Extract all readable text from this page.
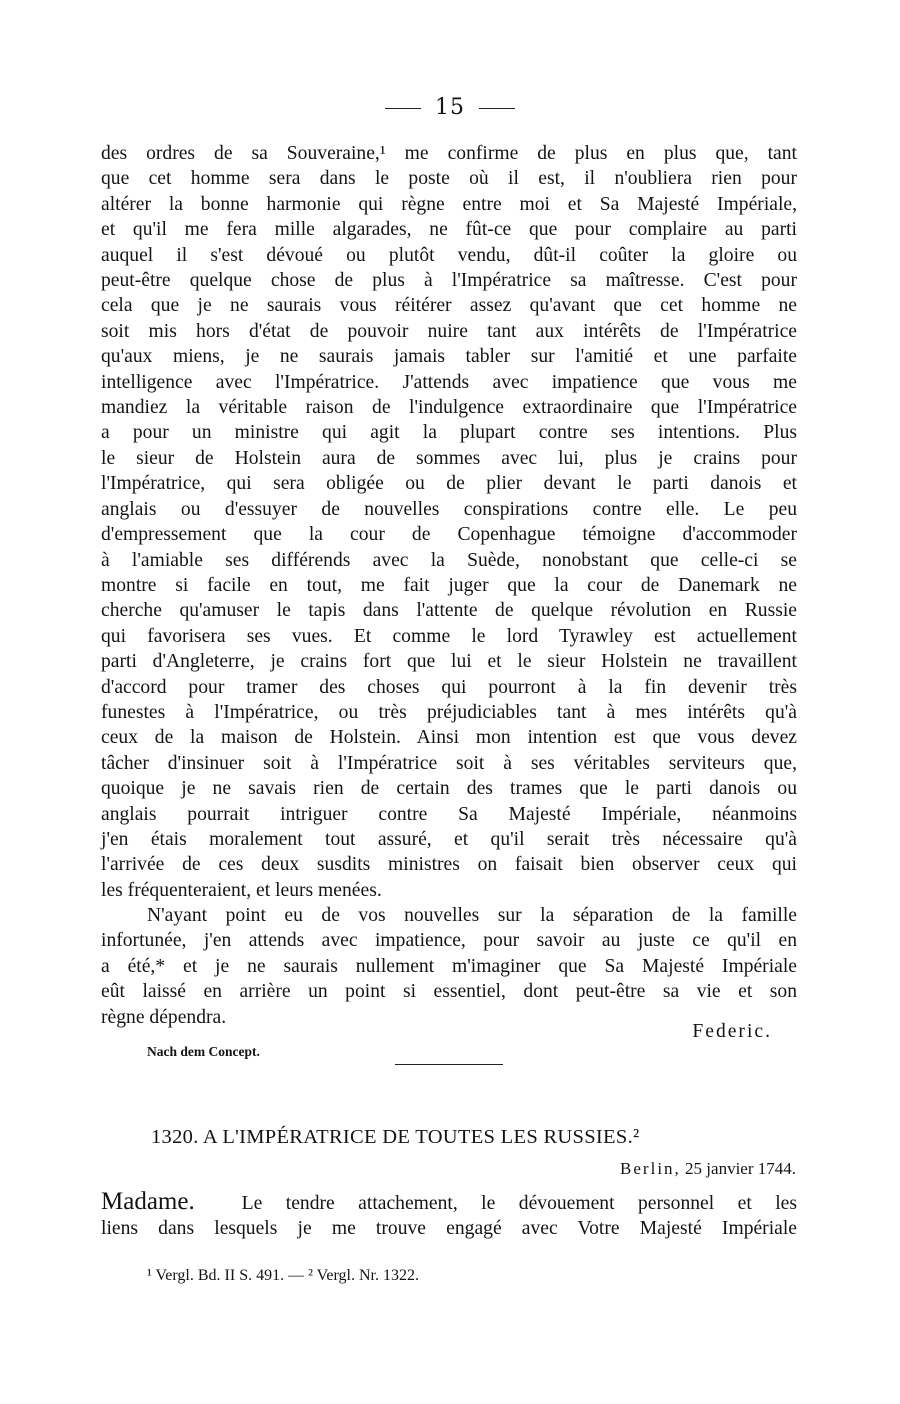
15
des ordres de sa Souveraine,¹ me confirme de plus en plus que, tant
que cet homme sera dans le poste où il est, il n'oubliera rien pour
altérer la bonne harmonie qui règne entre moi et Sa Majesté Impériale,
et qu'il me fera mille algarades, ne fût-ce que pour complaire au parti
auquel il s'est dévoué ou plutôt vendu, dût-il coûter la gloire ou
peut-être quelque chose de plus à l'Impératrice sa maîtresse. C'est pour
cela que je ne saurais vous réitérer assez qu'avant que cet homme ne
soit mis hors d'état de pouvoir nuire tant aux intérêts de l'Impératrice
qu'aux miens, je ne saurais jamais tabler sur l'amitié et une parfaite
intelligence avec l'Impératrice. J'attends avec impatience que vous me
mandiez la véritable raison de l'indulgence extraordinaire que l'Impératrice
a pour un ministre qui agit la plupart contre ses intentions. Plus
le sieur de Holstein aura de sommes avec lui, plus je crains pour
l'Impératrice, qui sera obligée ou de plier devant le parti danois et
anglais ou d'essuyer de nouvelles conspirations contre elle. Le peu
d'empressement que la cour de Copenhague témoigne d'accommoder
à l'amiable ses différends avec la Suède, nonobstant que celle-ci se
montre si facile en tout, me fait juger que la cour de Danemark ne
cherche qu'amuser le tapis dans l'attente de quelque révolution en Russie
qui favorisera ses vues. Et comme le lord Tyrawley est actuellement
parti d'Angleterre, je crains fort que lui et le sieur Holstein ne travaillent
d'accord pour tramer des choses qui pourront à la fin devenir très
funestes à l'Impératrice, ou très préjudiciables tant à mes intérêts qu'à
ceux de la maison de Holstein. Ainsi mon intention est que vous devez
tâcher d'insinuer soit à l'Impératrice soit à ses véritables serviteurs que,
quoique je ne savais rien de certain des trames que le parti danois ou
anglais pourrait intriguer contre Sa Majesté Impériale, néanmoins
j'en étais moralement tout assuré, et qu'il serait très nécessaire qu'à
l'arrivée de ces deux susdits ministres on faisait bien observer ceux qui
les fréquenteraient, et leurs menées.
N'ayant point eu de vos nouvelles sur la séparation de la famille
infortunée, j'en attends avec impatience, pour savoir au juste ce qu'il en
a été,* et je ne saurais nullement m'imaginer que Sa Majesté Impériale
eût laissé en arrière un point si essentiel, dont peut-être sa vie et son
règne dépendra.
Federic.
Nach dem Concept.
1320. A L'IMPÉRATRICE DE TOUTES LES RUSSIES.²
Berlin, 25 janvier 1744.
Madame. Le tendre attachement, le dévouement personnel et les
liens dans lesquels je me trouve engagé avec Votre Majesté Impériale
¹ Vergl. Bd. II S. 491. — ² Vergl. Nr. 1322.
